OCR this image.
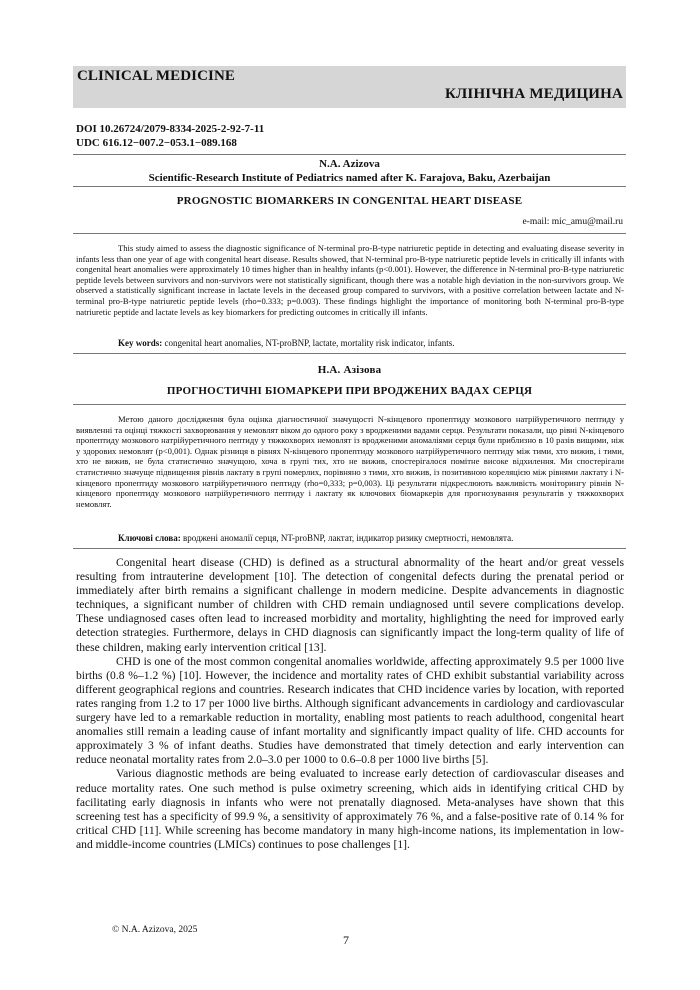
CLINICAL MEDICINE
КЛІНІЧНА МЕДИЦИНА
DOI 10.26724/2079-8334-2025-2-92-7-11
UDC 616.12−007.2−053.1−089.168
N.A. Azizova
Scientific-Research Institute of Pediatrics named after K. Farajova, Baku, Azerbaijan
PROGNOSTIC BIOMARKERS IN CONGENITAL HEART DISEASE
e-mail: mic_amu@mail.ru

This study aimed to assess the diagnostic significance of N-terminal pro-B-type natriuretic peptide in detecting and evaluating disease severity in infants less than one year of age with congenital heart disease. Results showed, that N-terminal pro-B-type natriuretic peptide levels in critically ill infants with congenital heart anomalies were approximately 10 times higher than in healthy infants (p<0.001). However, the difference in N-terminal pro-B-type natriuretic peptide levels between survivors and non-survivors were not statistically significant, though there was a notable high deviation in the non-survivors group. We observed a statistically significant increase in lactate levels in the deceased group compared to survivors, with a positive correlation between lactate and N-terminal pro-B-type natriuretic peptide levels (rho=0.333; p=0.003). These findings highlight the importance of monitoring both N-terminal pro-B-type natriuretic peptide and lactate levels as key biomarkers for predicting outcomes in critically ill infants.

Key words: congenital heart anomalies, NT-proBNP, lactate, mortality risk indicator, infants.
Н.А. Азізова
ПРОГНОСТИЧНІ БІОМАРКЕРИ ПРИ ВРОДЖЕНИХ ВАДАХ СЕРЦЯ

Метою даного дослідження була оцінка діагностичної значущості N-кінцевого пропептиду мозкового натрійуретичного пептиду у виявленні та оцінці тяжкості захворювання у немовлят віком до одного року з вродженими вадами серця. Результати показали, що рівні N-кінцевого пропептиду мозкового натрійуретичного пептиду у тяжкохворих немовлят із вродженими аномаліями серця були приблизно в 10 разів вищими, ніж у здорових немовлят (p<0,001). Однак різниця в рівнях N-кінцевого пропептиду мозкового натрійуретичного пептиду між тими, хто вижив, і тими, хто не вижив, не була статистично значущою, хоча в групі тих, хто не вижив, спостерігалося помітне високе відхилення. Ми спостерігали статистично значуще підвищення рівнів лактату в групі померлих, порівняно з тими, хто вижив, із позитивною кореляцією між рівнями лактату і N-кінцевого пропептиду мозкового натрійуретичного пептиду (rho=0,333; p=0,003). Ці результати підкреслюють важливість моніторингу рівнів N-кінцевого пропептиду мозкового натрійуретичного пептиду і лактату як ключових біомаркерів для прогнозування результатів у тяжкохворих немовлят.

Ключові слова: вроджені аномалії серця, NT-proBNP, лактат, індикатор ризику смертності, немовлята.

Congenital heart disease (CHD) is defined as a structural abnormality of the heart and/or great vessels resulting from intrauterine development [10]. The detection of congenital defects during the prenatal period or immediately after birth remains a significant challenge in modern medicine. Despite advancements in diagnostic techniques, a significant number of children with CHD remain undiagnosed until severe complications develop. These undiagnosed cases often lead to increased morbidity and mortality, highlighting the need for improved early detection strategies. Furthermore, delays in CHD diagnosis can significantly impact the long-term quality of life of these children, making early intervention critical [13].

CHD is one of the most common congenital anomalies worldwide, affecting approximately 9.5 per 1000 live births (0.8 %–1.2 %) [10]. However, the incidence and mortality rates of CHD exhibit substantial variability across different geographical regions and countries. Research indicates that CHD incidence varies by location, with reported rates ranging from 1.2 to 17 per 1000 live births. Although significant advancements in cardiology and cardiovascular surgery have led to a remarkable reduction in mortality, enabling most patients to reach adulthood, congenital heart anomalies still remain a leading cause of infant mortality and significantly impact quality of life. CHD accounts for approximately 3 % of infant deaths. Studies have demonstrated that timely detection and early intervention can reduce neonatal mortality rates from 2.0–3.0 per 1000 to 0.6–0.8 per 1000 live births [5].

Various diagnostic methods are being evaluated to increase early detection of cardiovascular diseases and reduce mortality rates. One such method is pulse oximetry screening, which aids in identifying critical CHD by facilitating early diagnosis in infants who were not prenatally diagnosed. Meta-analyses have shown that this screening test has a specificity of 99.9 %, a sensitivity of approximately 76 %, and a false-positive rate of 0.14 % for critical CHD [11]. While screening has become mandatory in many high-income nations, its implementation in low- and middle-income countries (LMICs) continues to pose challenges [1].

© N.A. Azizova, 2025
7
